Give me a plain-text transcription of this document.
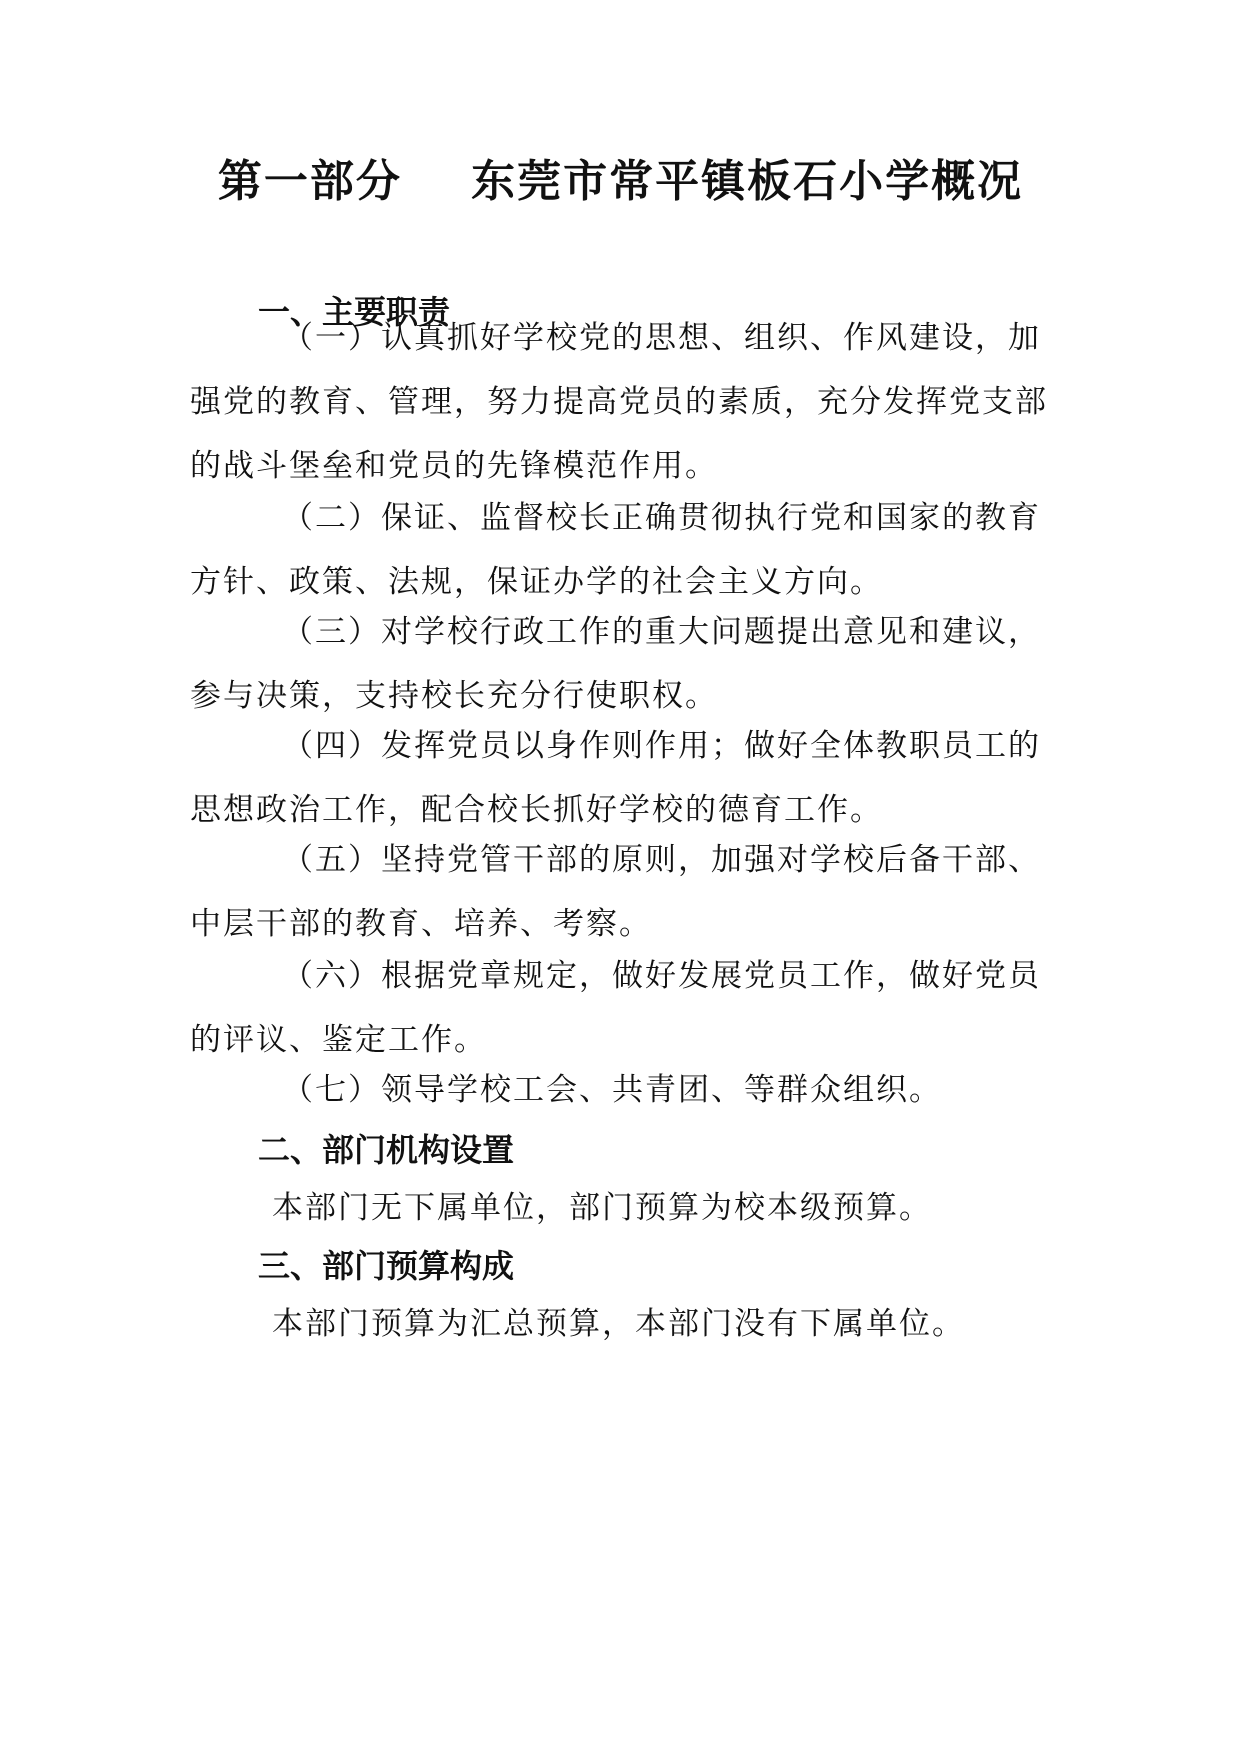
第一部分    东莞市常平镇板石小学概况
一、主要职责
（一）认真抓好学校党的思想、组织、作风建设，加强党的教育、管理，努力提高党员的素质，充分发挥党支部的战斗堡垒和党员的先锋模范作用。
（二）保证、监督校长正确贯彻执行党和国家的教育方针、政策、法规，保证办学的社会主义方向。
（三）对学校行政工作的重大问题提出意见和建议，参与决策，支持校长充分行使职权。
（四）发挥党员以身作则作用；做好全体教职员工的思想政治工作，配合校长抓好学校的德育工作。
（五）坚持党管干部的原则，加强对学校后备干部、中层干部的教育、培养、考察。
（六）根据党章规定，做好发展党员工作，做好党员的评议、鉴定工作。
（七）领导学校工会、共青团、等群众组织。
二、部门机构设置
本部门无下属单位，部门预算为校本级预算。
三、部门预算构成
本部门预算为汇总预算，本部门没有下属单位。
